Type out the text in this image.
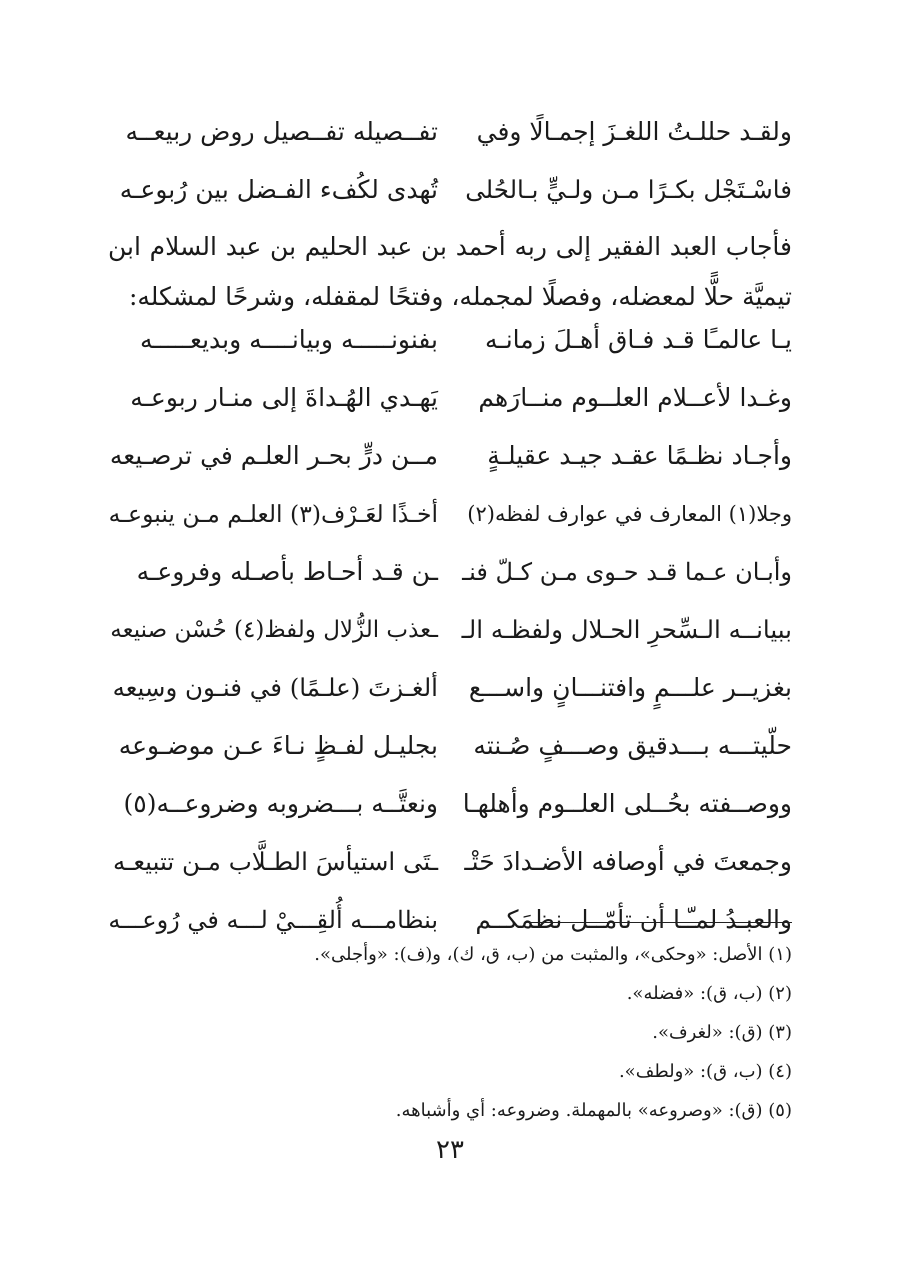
ولقـد حللـتُ اللغـزَ إجمـالًا وفي
تفــصيله تفــصيل روض ربيعــه
فاسْـتَجْل بكـرًا مـن ولـيٍّ بـالحُلى
تُهدى لكُفء الفـضل بين رُبوعـه
فأجاب العبد الفقير إلى ربه أحمد بن عبد الحليم بن عبد السلام ابن تيميَّة حلًّا لمعضله، وفصلًا لمجمله، وفتحًا لمقفله، وشرحًا لمشكله:
يـا عالمـًا قـد فـاق أهـلَ زمانـه
بفنونـــــه وبيانــــه وبديعـــــه
وغـدا لأعــلام العلــوم منــارَهم
يَهـدي الهُـداةَ إلى منـار ربوعـه
وأجـاد نظـمًا عقـد جيـد عقيلـةٍ
مــن درٍّ بحـر العلـم في ترصـيعه
وجلا(١) المعارف في عوارف لفظه(٢)
أخـذًا لعَـرْف(٣) العلـم مـن ينبوعـه
وأبـان عـما قـد حـوى مـن كـلّ فنـ
ـن قـد أحـاط بأصـله وفروعـه
ببيانــه الـسِّحرِ الحـلال ولفظـه الـ
ـعذب الزُّلال ولفظ(٤) حُسْن صنيعه
بغزيــر علـــمٍ وافتنـــانٍ واســـع
ألغـزتَ (علـمًا) في فنـون وسِيعه
حلّيتـــه بـــدقيق وصـــفٍ صُـنته
بجليـل لفـظٍ نـاءَ عـن موضـوعه
ووصــفته بحُــلى العلــوم وأهلهـا
ونعتَّــه بـــضروبه وضروعــه(٥)
وجمعتَ في أوصافه الأضـدادَ حَتْـ
ـتَى استيأسَ الطـلَّاب مـن تتبيعـه
والعبـدُ لمـّـا أن تأمّــل نظمَكــم
بنظامـــه أُلقِـــيْ لـــه في رُوعـــه
(١) الأصل: «وحكى»، والمثبت من (ب، ق، ك)، و(ف): «وأجلى».
(٢) (ب، ق): «فضله».
(٣) (ق): «لغرف».
(٤) (ب، ق): «ولطف».
(٥) (ق): «وصروعه» بالمهملة. وضروعه: أي وأشباهه.
٢٣
